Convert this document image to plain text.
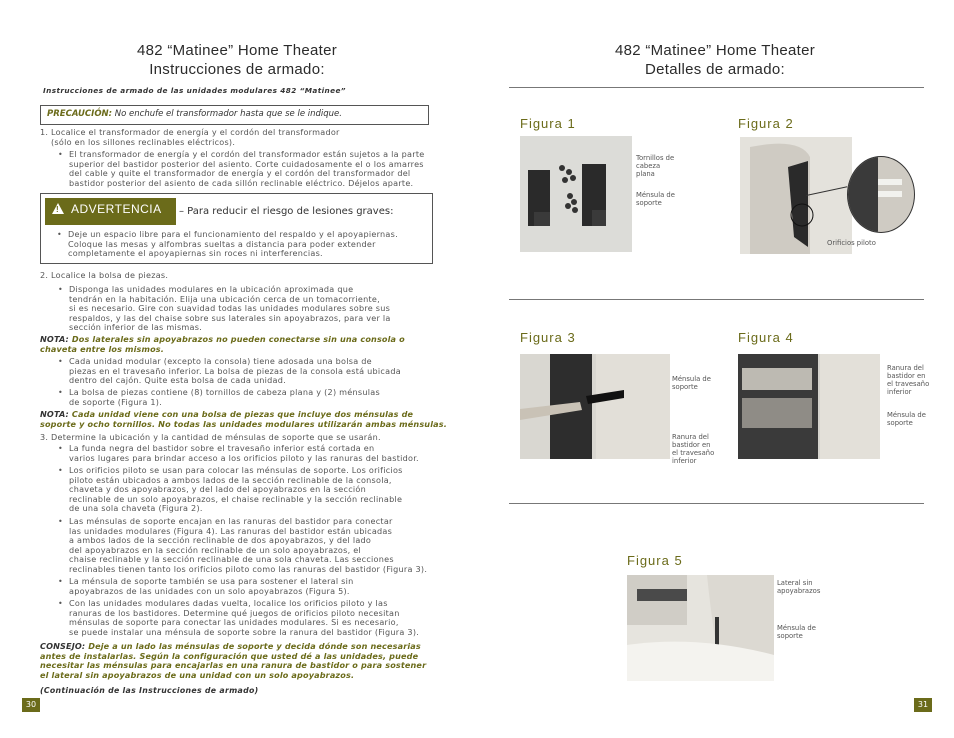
482 “Matinee” Home Theater
Instrucciones de armado:
Instrucciones de armado de las unidades modulares 482 “Matinee”
PRECAUCIÓN: No enchufe el transformador hasta que se le indique.
1. Localice el transformador de energía y el cordón del transformador
(sólo en los sillones reclinables eléctricos).
• El transformador de energía y el cordón del transformador están sujetos a la parte
superior del bastidor posterior del asiento. Corte cuidadosamente el o los amarres
del cable y quite el transformador de energía y el cordón del transformador del
bastidor posterior del asiento de cada sillón reclinable eléctrico. Déjelos aparte.
!
ADVERTENCIA	– Para reducir el riesgo de lesiones graves:
• Deje un espacio libre para el funcionamiento del respaldo y el apoyapiernas.
Coloque las mesas y alfombras sueltas a distancia para poder extender
completamente el apoyapiernas sin roces ni interferencias.
2. Localice la bolsa de piezas.
• Disponga las unidades modulares en la ubicación aproximada que
tendrán en la habitación. Elija una ubicación cerca de un tomacorriente,
si es necesario. Gire con suavidad todas las unidades modulares sobre sus
respaldos, y las del chaise sobre sus laterales sin apoyabrazos, para ver la
sección inferior de las mismas.
NOTA: Dos laterales sin apoyabrazos no pueden conectarse sin una consola o
chaveta entre los mismos.
• Cada unidad modular (excepto la consola) tiene adosada una bolsa de
piezas en el travesaño inferior. La bolsa de piezas de la consola está ubicada
dentro del cajón. Quite esta bolsa de cada unidad.
• La bolsa de piezas contiene (8) tornillos de cabeza plana y (2) ménsulas
de soporte (Figura 1).
NOTA: Cada unidad viene con una bolsa de piezas que incluye dos ménsulas de
soporte y ocho tornillos. No todas las unidades modulares utilizarán ambas ménsulas.
3. Determine la ubicación y la cantidad de ménsulas de soporte que se usarán.
• La funda negra del bastidor sobre el travesaño inferior está cortada en
varios lugares para brindar acceso a los orificios piloto y las ranuras del bastidor.
• Los orificios piloto se usan para colocar las ménsulas de soporte. Los orificios
piloto están ubicados a ambos lados de la sección reclinable de la consola,
chaveta y dos apoyabrazos, y del lado del apoyabrazos en la sección
reclinable de un solo apoyabrazos, el chaise reclinable y la sección reclinable
de una sola chaveta (Figura 2).
• Las ménsulas de soporte encajan en las ranuras del bastidor para conectar
las unidades modulares (Figura 4). Las ranuras del bastidor están ubicadas
a ambos lados de la sección reclinable de dos apoyabrazos, y del lado
del apoyabrazos en la sección reclinable de un solo apoyabrazos, el
chaise reclinable y la sección reclinable de una sola chaveta. Las secciones
reclinables tienen tanto los orificios piloto como las ranuras del bastidor (Figura 3).
• La ménsula de soporte también se usa para sostener el lateral sin
apoyabrazos de las unidades con un solo apoyabrazos (Figura 5).
• Con las unidades modulares dadas vuelta, localice los orificios piloto y las
ranuras de los bastidores. Determine qué juegos de orificios piloto necesitan
ménsulas de soporte para conectar las unidades modulares. Si es necesario,
se puede instalar una ménsula de soporte sobre la ranura del bastidor (Figura 3).
CONSEJO: Deje a un lado las ménsulas de soporte y decida dónde son necesarias
antes de instalarlas. Según la configuración que usted dé a las unidades, puede
necesitar las ménsulas para encajarlas en una ranura de bastidor o para sostener
el lateral sin apoyabrazos de una unidad con un solo apoyabrazos.
(Continuación de las Instrucciones de armado)
30
482 “Matinee” Home Theater
Detalles de armado:
Figura 1
Tornillos de
cabeza
plana
Ménsula de
soporte
Figura 2
Orificios piloto
Figura 3
Ménsula de
soporte
Ranura del
bastidor en
el travesaño
inferior
Figura 4
Ranura del
bastidor en
el travesaño
inferior
Ménsula de
soporte
Figura 5
Lateral sin
apoyabrazos
Ménsula de
soporte
31
